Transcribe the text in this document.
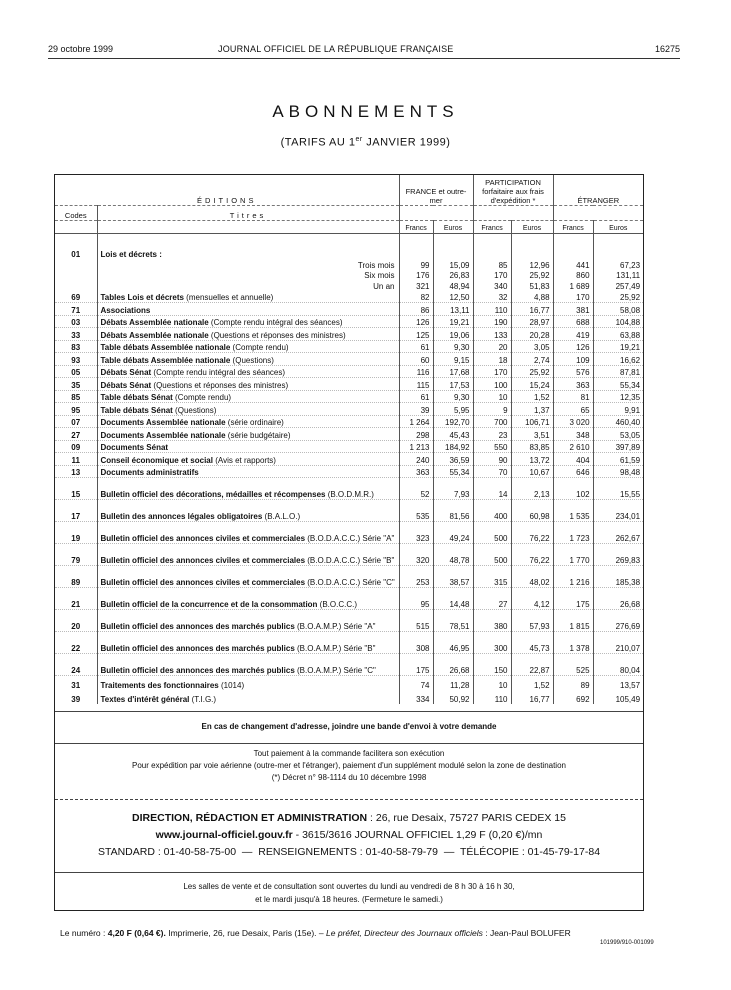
29 octobre 1999	JOURNAL OFFICIEL DE LA RÉPUBLIQUE FRANÇAISE	16275
ABONNEMENTS
(TARIFS AU 1er JANVIER 1999)
ÉDITIONS		FRANCE et outre-mer		PARTICIPATION forfaitaire aux frais d'expédition *		ÉTRANGER	
Codes	Titres						
		Francs	Euros	Francs	Euros	Francs	Euros

01	Lois et décrets :						
	Trois mois	99	15,09	85	12,96	441	67,23
	Six mois	176	26,83	170	25,92	860	131,11
	Un an	321	48,94	340	51,83	1 689	257,49
69	Tables Lois et décrets (mensuelles et annuelle)	82	12,50	32	4,88	170	25,92
71	Associations	86	13,11	110	16,77	381	58,08
03	Débats Assemblée nationale (Compte rendu intégral des séances)	126	19,21	190	28,97	688	104,88
33	Débats Assemblée nationale (Questions et réponses des ministres)	125	19,06	133	20,28	419	63,88
83	Table débats Assemblée nationale (Compte rendu)	61	9,30	20	3,05	126	19,21
93	Table débats Assemblée nationale (Questions)	60	9,15	18	2,74	109	16,62
05	Débats Sénat (Compte rendu intégral des séances)	116	17,68	170	25,92	576	87,81
35	Débats Sénat (Questions et réponses des ministres)	115	17,53	100	15,24	363	55,34
85	Table débats Sénat (Compte rendu)	61	9,30	10	1,52	81	12,35
95	Table débats Sénat (Questions)	39	5,95	9	1,37	65	9,91
07	Documents Assemblée nationale (série ordinaire)	1 264	192,70	700	106,71	3 020	460,40
27	Documents Assemblée nationale (série budgétaire)	298	45,43	23	3,51	348	53,05
09	Documents Sénat	1 213	184,92	550	83,85	2 610	397,89
11	Conseil économique et social (Avis et rapports)	240	36,59	90	13,72	404	61,59
13	Documents administratifs	363	55,34	70	10,67	646	98,48
15	Bulletin officiel des décorations, médailles et récompenses (B.O.D.M.R.)	52	7,93	14	2,13	102	15,55
17	Bulletin des annonces légales obligatoires (B.A.L.O.)	535	81,56	400	60,98	1 535	234,01
19	Bulletin officiel des annonces civiles et commerciales (B.O.D.A.C.C.) Série "A"	323	49,24	500	76,22	1 723	262,67
79	Bulletin officiel des annonces civiles et commerciales (B.O.D.A.C.C.) Série "B"	320	48,78	500	76,22	1 770	269,83
89	Bulletin officiel des annonces civiles et commerciales (B.O.D.A.C.C.) Série "C"	253	38,57	315	48,02	1 216	185,38
21	Bulletin officiel de la concurrence et de la consommation (B.O.C.C.)	95	14,48	27	4,12	175	26,68
20	Bulletin officiel des annonces des marchés publics (B.O.A.M.P.) Série "A"	515	78,51	380	57,93	1 815	276,69
22	Bulletin officiel des annonces des marchés publics (B.O.A.M.P.) Série "B"	308	46,95	300	45,73	1 378	210,07
24	Bulletin officiel des annonces des marchés publics (B.O.A.M.P.) Série "C"	175	26,68	150	22,87	525	80,04
31	Traitements des fonctionnaires (1014)	74	11,28	10	1,52	89	13,57
39	Textes d'intérêt général (T.I.G.)	334	50,92	110	16,77	692	105,49
En cas de changement d'adresse, joindre une bande d'envoi à votre demande
Tout paiement à la commande facilitera son exécution
Pour expédition par voie aérienne (outre-mer et l'étranger), paiement d'un supplément modulé selon la zone de destination
(*) Décret n° 98-1114 du 10 décembre 1998
DIRECTION, RÉDACTION ET ADMINISTRATION : 26, rue Desaix, 75727 PARIS CEDEX 15
www.journal-officiel.gouv.fr - 3615/3616 JOURNAL OFFICIEL 1,29 F (0,20 €)/mn
STANDARD : 01-40-58-75-00  —  RENSEIGNEMENTS : 01-40-58-79-79  —  TÉLÉCOPIE : 01-45-79-17-84
Les salles de vente et de consultation sont ouvertes du lundi au vendredi de 8 h 30 à 16 h 30,
et le mardi jusqu'à 18 heures. (Fermeture le samedi.)
Le numéro : 4,20 F (0,64 €). Imprimerie, 26, rue Desaix, Paris (15e). – Le préfet, Directeur des Journaux officiels : Jean-Paul BOLUFER
101999/910-001099
